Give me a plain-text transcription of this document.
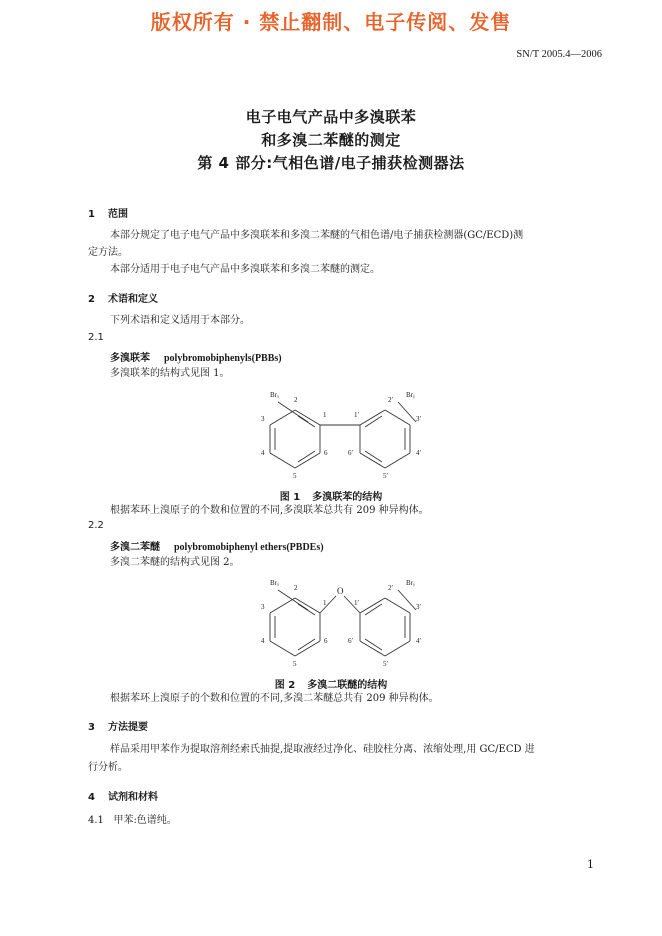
版权所有 · 禁止翻制、电子传阅、发售
SN/T 2005.4—2006
电子电气产品中多溴联苯
和多溴二苯醚的测定
第 4 部分:气相色谱/电子捕获检测器法
1 范围
本部分规定了电子电气产品中多溴联苯和多溴二苯醚的气相色谱/电子捕获检测器(GC/ECD)测
定方法。
本部分适用于电子电气产品中多溴联苯和多溴二苯醚的测定。
2 术语和定义
下列术语和定义适用于本部分。
2.1
多溴联苯 polybromobiphenyls(PBBs)
多溴联苯的结构式见图 1。
Brₓ	Brᵧ
2
3
4
5
6
1	1′
2′
3′
4′
5′
6′
图 1 多溴联苯的结构
根据苯环上溴原子的个数和位置的不同,多溴联苯总共有 209 种异构体。
2.2
多溴二苯醚 polybromobiphenyl ethers(PBDEs)
多溴二苯醚的结构式见图 2。
O
Brₓ	Brᵧ
2
3
4
5
6
1	1′
2′
3′
4′
5′
6′
图 2 多溴二联醚的结构
根据苯环上溴原子的个数和位置的不同,多溴二苯醚总共有 209 种异构体。
3 方法提要
样品采用甲苯作为提取溶剂经索氏抽提,提取液经过净化、硅胶柱分离、浓缩处理,用 GC/ECD 进
行分析。
4 试剂和材料
4.1   甲苯:色谱纯。
1
